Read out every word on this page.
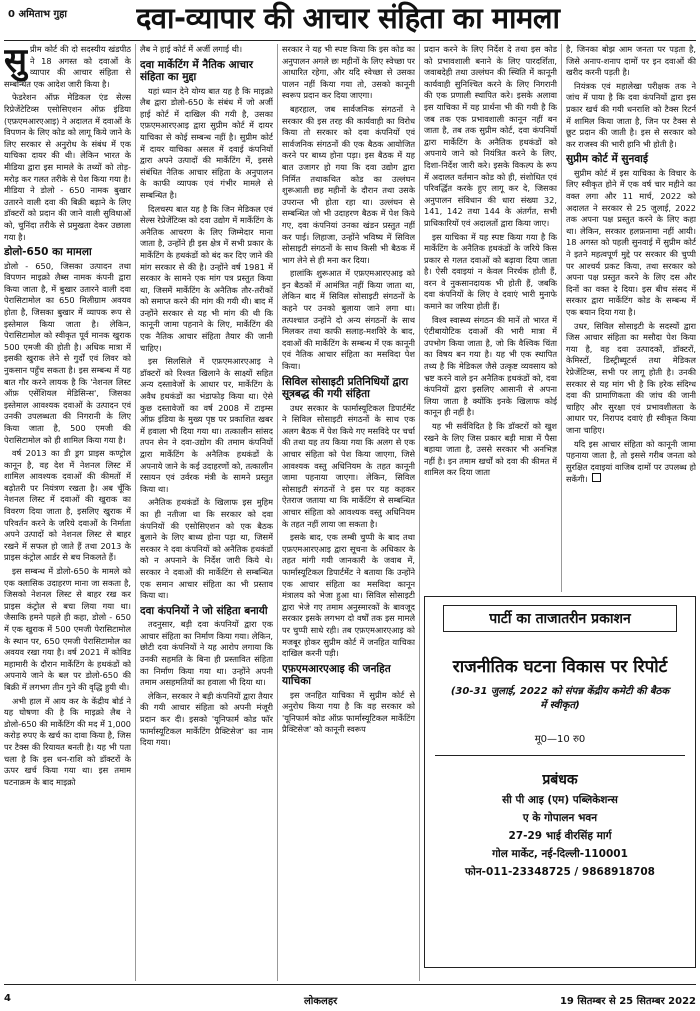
0 अमिताभ गुहा	दवा-व्यापार की आचार संहिता का मामला

सुप्रीम कोर्ट की दो सदस्यीय खंडपीठ ने 18 अगस्त को दवाओं के व्यापार की आचार संहिता से सम्बन्धित एक आदेश जारी किया है।

फेडरेशन ऑफ़ मेडिकल एंड सेल्स रिप्रेजेंटेटिव्स एसोसिएशन ऑफ़ इंडिया (एफ़एमआरएआइ) ने अदालत में दवाओं के विपणन के लिए कोड को लागू किये जाने के लिए सरकार से अनुरोध के संबंध में एक याचिका दायर की थी। लेकिन भारत के मीडिया द्वारा इस मामले के तथ्यों को तोड़-मरोड़ कर गलत तरीके से पेश किया गया है। मीडिया ने डोलो - 650 नामक बुखार उतारने वाली दवा की बिक्री बढ़ाने के लिए डॉक्टरों को प्रदान की जाने वाली सुविधाओं को, चुनिंदा तरीके से प्रमुखता देकर उछाला गया है।

डोलो-650 का मामला

डोलो - 650, जिसका उत्पादन तथा विपणन माइक्रो लैब्स नामक कंपनी द्वारा किया जाता है, में बुखार उतारने वाली दवा पेरासिटामोल का 650 मिलीग्राम अवयव होता है, जिसका बुखार में व्यापक रूप से इस्तेमाल किया जाता है। लेकिन, पेरासिटामोल को स्वीकृत पूर्व मानक खुराक 500 एमजी की होती है। अधिक मात्रा में इसकी खुराक लेने से गुर्दों एवं लिवर को नुकसान पहुँच सकता है। इस सम्बन्ध में यह बात गौर करने लायक है कि 'नेशनल लिस्ट ऑफ़ एसेंशियल मेडिसिन्स', जिसका इस्तेमाल आवश्यक दवाओं के उत्पादन एवं उनकी उपलब्धता की निगरानी के लिए किया जाता है, 500 एमजी की पेरासिटामोल को ही शामिल किया गया है।

वर्ष 2013 का डी ड्रग प्राइस कण्ट्रोल कानून है, वह देश में नेशनल लिस्ट में शामिल आवश्यक दवाओं की कीमतों में बढ़ोतरी पर नियंत्रण रखता है। अब चूँकि नेशनल लिस्ट में दवाओं की खुराक का विवरण दिया जाता है, इसलिए खुराक में परिवर्तन करने के जरिये दवाओं के निर्माता अपने उत्पादों को नेशनल लिस्ट से बाहर रखने में सफल हो जाते हैं तथा 2013 के प्राइस कंट्रोल आर्डर से बच निकलते हैं।

इस सम्बन्ध में डोलो-650 के मामले को एक क्लासिक उदाहरण माना जा सकता है, जिसको नेशनल लिस्ट से बाहर रख कर प्राइस कंट्रोल से बचा लिया गया था। जैसाकि हमने पहले ही कहा, डोलो - 650 में एक खुराक में 500 एमजी पेरासिटामोल के स्थान पर, 650 एमजी पेरासिटामोल का अवयव रखा गया है। वर्ष 2021 में कोविड महामारी के दौरान मार्केटिंग के हथकंडों को अपनाये जाने के बल पर डोलो-650 की बिक्री में लगभग तीन गुने की वृद्धि हुयी थी।

अभी हाल में आय कर के केंद्रीय बोर्ड ने यह घोषणा की है कि माइक्रो लैब ने डोलो-650 की मार्केटिंग की मद में 1,000 करोड़ रुपए के खर्च का दावा किया है, जिस पर टैक्स की रियायत बनती है। यह भी पता चला है कि इस धन-राशि को डॉक्टरों के ऊपर खर्च किया गया था। इस तमाम घटनाक्रम के बाद माइक्रो

लैब ने हाई कोर्ट में अर्जी लगाई थी।

दवा मार्केटिंग में नैतिक आचार संहिता का मुद्दा

यहां ध्यान देने योग्य बात यह है कि माइक्रो लैब द्वारा डोलो-650 के संबंध में जो अर्जी हाई कोर्ट में दाखिल की गयी है, उसका एफ़एमआरएआइ द्वारा सुप्रीम कोर्ट में दायर याचिका से कोई सम्बन्ध नहीं है। सुप्रीम कोर्ट में दायर याचिका असल में दवाई कंपनियों द्वारा अपने उत्पादों की मार्केटिंग में, इससे संबंधित नैतिक आचार संहिता के अनुपालन के काफी व्यापक एवं गंभीर मामले से सम्बन्धित है।

दिलचस्प बात यह है कि जिन मेडिकल एवं सेल्स रेप्रेजेंटिव्स को दवा उद्योग में मार्केटिंग के अनैतिक आचरण के लिए जिम्मेदार माना जाता है, उन्होंने ही इस क्षेत्र में सभी प्रकार के मार्केटिंग के हथकंडों को बंद कर दिए जाने की मांग सरकार से की है। उन्होंने वर्ष 1981 में सरकार के सामने एक मांग पत्र प्रस्तुत किया था, जिसमें मार्केटिंग के अनैतिक तौर-तरीकों को समाप्त करने की मांग की गयी थी। बाद में उन्होंने सरकार से यह भी मांग की थी कि कानूनी जामा पहनाने के लिए, मार्केटिंग की एक नैतिक आचार संहिता तैयार की जानी चाहिए।

इस सिलसिले में एफ़एमआरएआइ ने डॉक्टरों को रिश्वत खिलाने के साक्ष्यों सहित अन्य दस्तावेजों के आधार पर, मार्केटिंग के अवैध हथकंडों का भंडाफोड़ किया था। ऐसे कुछ दस्तावेजों का वर्ष 2008 में टाइम्स ऑफ़ इंडिया के मुख्य पृष्ठ पर प्रकाशित खबर में हवाला भी दिया गया था। तत्कालीन सांसद तपन सेन ने दवा-उद्योग की तमाम कंपनियों द्वारा मार्केटिंग के अनैतिक हथकंडों के अपनाये जाने के कई उदाहरणों को, तत्कालीन रसायन एवं उर्वरक मंत्री के सामने प्रस्तुत किया था।

अनैतिक हथकंडों के खिलाफ इस मुहिम का ही नतीजा था कि सरकार को दवा कंपनियों की एसोसिएशन को एक बैठक बुलाने के लिए बाध्य होना पड़ा था, जिसमें सरकार ने दवा कंपनियों को अनैतिक हथकंडों को न अपनाने के निर्देश जारी किये थे। सरकार ने दवाओं की मार्केटिंग से सम्बन्धित एक समान आचार संहिता का भी प्रस्ताव किया था।

दवा कंपनियों ने जो संहिता बनायी

तदनुसार, बड़ी दवा कंपनियों द्वारा एक आचार संहिता का निर्माण किया गया। लेकिन, छोटी दवा कंपनियों ने यह आरोप लगाया कि उनकी सहमति के बिना ही प्रस्तावित संहिता का निर्माण किया गया था। उन्होंने अपनी तमाम असहमतियों का हवाला भी दिया था।

लेकिन, सरकार ने बड़ी कंपनियों द्वारा तैयार की गयी आचार संहिता को अपनी मंजूरी प्रदान कर दी। इसको 'यूनिफार्म कोड फॉर फार्मास्यूटिकल मार्केटिंग प्रैक्टिसेज' का नाम दिया गया।

सरकार ने यह भी स्पष्ट किया कि इस कोड का अनुपालन अगले छः महीनों के लिए स्वेच्छा पर आधारित रहेगा, और यदि स्वेच्छा से उसका पालन नहीं किया गया तो, उसको कानूनी स्वरूप प्रदान कर दिया जाएगा।

बहरहाल, जब सार्वजनिक संगठनों ने सरकार की इस तरह की कार्यवाही का विरोध किया तो सरकार को दवा कंपनियों एवं सार्वजनिक संगठनों की एक बैठक आयोजित करने पर बाध्य होना पड़ा। इस बैठक में यह बात उजागर हो गया कि दवा उद्योग द्वारा निर्मित तथाकथित कोड का उल्लंघन शुरूआती छह महीनों के दौरान तथा उसके उपरान्त भी होता रहा था। उल्लंघन से सम्बन्धित जो भी उदाहरण बैठक में पेश किये गए, दवा कंपनियां उनका खंडन प्रस्तुत नहीं कर पाई। लिहाजा, उन्होंने भविष्य में सिविल सोसाइटी संगठनों के साथ किसी भी बैठक में भाग लेने से ही मना कर दिया।

हालांकि शुरूआत में एफ़एमआरएआइ को इन बैठकों में आमंत्रित नहीं किया जाता था, लेकिन बाद में सिविल सोसाइटी संगठनों के कहने पर उनको बुलाया जाने लगा था। तत्पश्चात उन्होंने दो अन्य संगठनों के साथ मिलकर तथा काफी सलाह-मशविरे के बाद, दवाओं की मार्केटिंग के सम्बन्ध में एक कानूनी एवं नैतिक आचार संहिता का मसविदा पेश किया।

सिविल सोसाइटी प्रतिनिधियों द्वारा सूत्रबद्ध की गयी संहिता

उधर सरकार के फार्मास्यूटिकल डिपार्टमेंट ने सिविल सोसाइटी संगठनों के साथ एक अलग बैठक में पेश किये गए मसविदे पर चर्चा की तथा यह तय किया गया कि अलग से एक आचार संहिता को पेश किया जाएगा, जिसे आवश्यक वस्तु अधिनियम के तहत कानूनी जामा पहनाया जाएगा। लेकिन, सिविल सोसाइटी संगठनों ने इस पर यह कहकर ऐतराज जताया था कि मार्केटिंग से सम्बन्धित आचार संहिता को आवश्यक वस्तु अधिनियम के तहत नहीं लाया जा सकता है।

इसके बाद, एक लम्बी चुप्पी के बाद तथा एफ़एमआरएआइ द्वारा सूचना के अधिकार के तहत मांगी गयी जानकारी के जवाब में, फार्मास्यूटिकल डिपार्टमेंट ने बताया कि उन्होंने एक आचार संहिता का मसविदा कानून मंत्रालय को भेजा हुआ था। सिविल सोसाइटी द्वारा भेजे गए तमाम अनुस्मारकों के बावजूद सरकार इसके लगभग दो वर्षों तक इस मामले पर चुप्पी साधे रही। तब एफ़एमआरएआइ को मजबूर होकर सुप्रीम कोर्ट में जनहित याचिका दाखिल करनी पड़ी।

एफ़एमआरएआइ की जनहित याचिका

इस जनहित याचिका में सुप्रीम कोर्ट से अनुरोध किया गया है कि वह सरकार को 'यूनिफार्म कोड ऑफ़ फार्मास्यूटिकल मार्केटिंग प्रैक्टिसेज' को कानूनी स्वरूप

प्रदान करने के लिए निर्देश दे तथा इस कोड को प्रभावशाली बनाने के लिए पारदर्शिता, जवाबदेही तथा उल्लंघन की स्थिति में कानूनी कार्यवाही सुनिश्चित करने के लिए निगरानी की एक प्रणाली स्थापित करे। इसके अलावा इस याचिका में यह प्रार्थना भी की गयी है कि जब तक एक प्रभावशाली कानून नहीं बन जाता है, तब तक सुप्रीम कोर्ट, दवा कंपनियों द्वारा मार्केटिंग के अनैतिक हथकंडों को अपनाये जाने को नियंत्रित करने के लिए, दिशा-निर्देश जारी करे। इसके विकल्प के रूप में अदालत वर्तमान कोड को ही, संशोधित एवं परिवर्द्धित करके हुए लागू कर दे, जिसका अनुपालन संविधान की धारा संख्या 32, 141, 142 तथा 144 के अंतर्गत, सभी प्राधिकारियों एवं अदालतों द्वारा किया जाए।

इस याचिका में यह स्पष्ट किया गया है कि मार्केटिंग के अनैतिक हथकंडों के जरिये किस प्रकार से गलत दवाओं को बढ़ावा दिया जाता है। ऐसी दवाइयां न केवल निरर्थक होती हैं, वरन वे नुकसानदायक भी होती हैं, जबकि दवा कंपनियों के लिए वे दवाएं भारी मुनाफे कमाने का जरिया होती हैं।

विश्व स्वास्थ्य संगठन की मानें तो भारत में एंटीबायोटिक दवाओं की भारी मात्रा में उपभोग किया जाता है, जो कि वैश्विक चिंता का विषय बन गया है। यह भी एक स्थापित तथ्य है कि मेडिकल जैसे उत्कृष्ट व्यवसाय को भ्रष्ट करने वाले इन अनैतिक हथकंडों को, दवा कंपनियों द्वारा इसलिए आसानी से अपना लिया जाता है क्योंकि इनके खिलाफ कोई कानून ही नहीं है।

यह भी सर्वविदित है कि डॉक्टरों को खुश रखने के लिए जिस प्रकार बड़ी मात्रा में पैसा बहाया जाता है, उससे सरकार भी अनभिज्ञ नहीं है। इन तमाम खर्चों को दवा की कीमत में शामिल कर दिया जाता

है, जिनका बोझ आम जनता पर पड़ता है, जिसे अनाप-शनाप दामों पर इन दवाओं की खरीद करनी पड़ती है।

नियंत्रक एवं महालेखा परीक्षक तक ने जांच में पाया है कि दवा कंपनियों द्वारा इस प्रकार खर्च की गयी धनराशि को टैक्स रिटर्न में शामिल किया जाता है, जिन पर टैक्स से छूट प्रदान की जाती है। इस से सरकार को कर राजस्व की भारी हानि भी होती है।

सुप्रीम कोर्ट में सुनवाई

सुप्रीम कोर्ट में इस याचिका के विचार के लिए स्वीकृत होने में एक वर्ष चार महीने का वक्त लगा और 11 मार्च, 2022 को अदालत ने सरकार से 25 जुलाई, 2022 तक अपना पक्ष प्रस्तुत करने के लिए कहा था। लेकिन, सरकार हलफ़नामा नहीं आयी। 18 अगस्त को पहली सुनवाई में सुप्रीम कोर्ट ने इतने महत्वपूर्ण मुद्दे पर सरकार की चुप्पी पर आश्चर्य प्रकट किया, तथा सरकार को अपना पक्ष प्रस्तुत करने के लिए दस और दिनों का वक्त दे दिया। इस बीच संसद में सरकार द्वारा मार्केटिंग कोड के सम्बन्ध में एक बयान दिया गया है।

उधर, सिविल सोसाइटी के सदस्यों द्वारा जिस आचार संहिता का मसौदा पेश किया गया है, वह दवा उत्पादकों, डॉक्टरों, केमिस्टों, डिस्ट्रीब्यूटर्स तथा मेडिकल रेप्रेजेंटिव्स, सभी पर लागू होती है। उनकी सरकार से यह मांग भी है कि हरेक संदिग्ध दवा की प्रामाणिकता की जांच की जानी चाहिए और सुरक्षा एवं प्रभावशीलता के आधार पर, निरापद दवाएं ही स्वीकृत किया जाना चाहिए।

यदि इस आचार संहिता को कानूनी जामा पहनाया जाता है, तो इससे गरीब जनता को सुरक्षित दवाइयां वाजिब दामों पर उपलब्ध हो सकेंगी।

पार्टी का ताजातरीन प्रकाशन
राजनीतिक घटना विकास पर रिपोर्ट
(30-31 जुलाई, 2022 को संपन्न केंद्रीय कमेटी की बैठक में स्वीकृत)
मू0—10 रु0
प्रबंधक
सी पी आइ (एम) पब्लिकेशन्स
ए के गोपालन भवन
27-29 भाई वीरसिंह मार्ग
गोल मार्केट, नई-दिल्ली-110001
फोन-011-23348725 / 9868918708
4	लोकलहर	19 सितम्बर से 25 सितम्बर 2022
